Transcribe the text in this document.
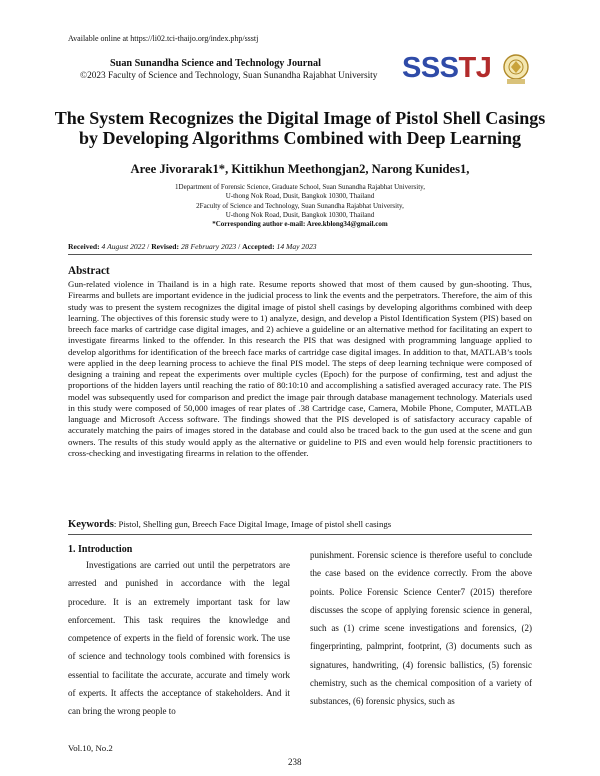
Available online at https://li02.tci-thaijo.org/index.php/ssstj
Suan Sunandha Science and Technology Journal
©2023 Faculty of Science and Technology, Suan Sunandha Rajabhat University SSSTJ
The System Recognizes the Digital Image of Pistol Shell Casings
by Developing Algorithms Combined with Deep Learning
Aree Jivorarak1*, Kittikhun Meethongjan2, Narong Kunides1,
1Department of Forensic Science, Graduate School, Suan Sunandha Rajabhat University,
U-thong Nok Road, Dusit, Bangkok 10300, Thailand
2Faculty of Science and Technology, Suan Sunandha Rajabhat University,
U-thong Nok Road, Dusit, Bangkok 10300, Thailand
*Corresponding author e-mail: Aree.kblong34@gmail.com
Received: 4 August 2022 / Revised: 28 February 2023 / Accepted: 14 May 2023
Abstract

Gun-related violence in Thailand is in a high rate. Resume reports showed that most of them caused by gun-shooting. Thus, Firearms and bullets are important evidence in the judicial process to link the events and the perpetrators. Therefore, the aim of this study was to present the system recognizes the digital image of pistol shell casings by developing algorithms combined with deep learning. The objectives of this forensic study were to 1) analyze, design, and develop a Pistol Identification System (PIS) based on breech face marks of cartridge case digital images, and 2) achieve a guideline or an alternative method for facilitating an expert to investigate firearms linked to the offender. In this research the PIS that was designed with programming language applied to develop algorithms for identification of the breech face marks of cartridge case digital images. In addition to that, MATLAB’s tools were applied in the deep learning process to achieve the final PIS model. The steps of deep learning technique were composed of designing a training and repeat the experiments over multiple cycles (Epoch) for the purpose of confirming, test and adjust the proportions of the hidden layers until reaching the ratio of 80:10:10 and accomplishing a satisfied averaged accuracy rate. The PIS model was subsequently used for comparison and predict the image pair through database management technology. Materials used in this study were composed of 50,000 images of rear plates of .38 Cartridge case, Camera, Mobile Phone, Computer, MATLAB language and Microsoft Access software. The findings showed that the PIS developed is of satisfactory accuracy capable of accurately matching the pairs of images stored in the database and could also be traced back to the gun used at the scene and gun owners. The results of this study would apply as the alternative or guideline to PIS and even would help forensic practitioners to cross-checking and investigating firearms in relation to the offender.

Keywords: Pistol, Shelling gun, Breech Face Digital Image, Image of pistol shell casings
1. Introduction

Investigations are carried out until the perpetrators are arrested and punished in accordance with the legal procedure. It is an extremely important task for law enforcement. This task requires the knowledge and competence of experts in the field of forensic work. The use of science and technology tools combined with forensics is essential to facilitate the accurate, accurate and timely work of experts. It affects the acceptance of stakeholders. And it can bring the wrong people to

punishment. Forensic science is therefore useful to conclude the case based on the evidence correctly. From the above points. Police Forensic Science Center7 (2015) therefore discusses the scope of applying forensic science in general, such as (1) crime scene investigations and forensics, (2) fingerprinting, palmprint, footprint, (3) documents such as signatures, handwriting, (4) forensic ballistics, (5) forensic chemistry, such as the chemical composition of a variety of substances, (6) forensic physics, such as

Vol.10, No.2
238
